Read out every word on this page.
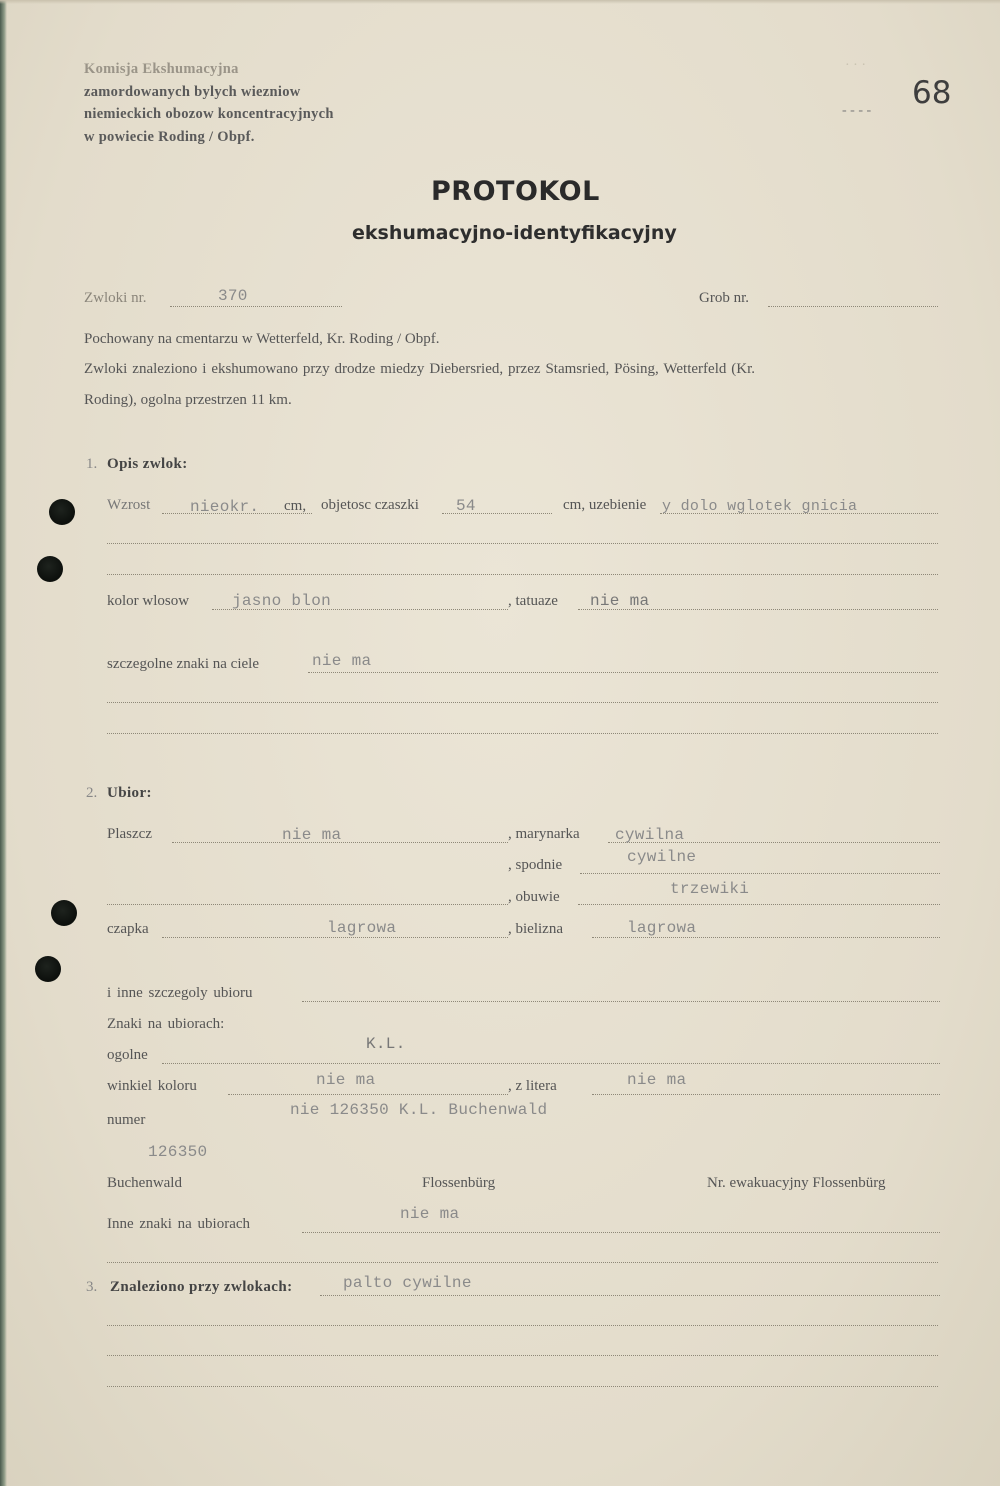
Komisja Ekshumacyjna
zamordowanych bylych wiezniow
niemieckich obozow koncentracyjnych
w powiecie Roding / Obpf.
· · ·
- - - - 68
PROTOKOL
ekshumacyjno-identyfikacyjny
Zwloki nr.	370	Grob nr.
Pochowany na cmentarzu w Wetterfeld, Kr. Roding / Obpf.
Zwloki znaleziono i ekshumowano przy drodze miedzy Diebersried, przez Stamsried, Pösing, Wetterfeld (Kr.
Roding), ogolna przestrzen 11 km.
1. Opis zwlok:
Wzrost nieokr. cm, objetosc czaszki 54	cm, uzebienie y dolo wglotek gnicia
kolor wlosow	jasno blon	, tatuaze nie ma
szczegolne znaki na ciele	nie ma
2. Ubior:
Plaszcz	nie ma	, marynarka cywilna
, spodnie	cywilne
, obuwie	trzewiki
czapka	lagrowa	, bielizna	lagrowa
i inne szczegoly ubioru
Znaki na ubiorach:
ogolne
K.L.
winkiel koloru	nie ma	, z litera	nie ma
numer
nie 126350 K.L. Buchenwald
126350
Buchenwald	Flossenbürg	Nr. ewakuacyjny Flossenbürg
Inne znaki na ubiorach
nie ma
3. Znaleziono przy zwlokach:	palto cywilne
